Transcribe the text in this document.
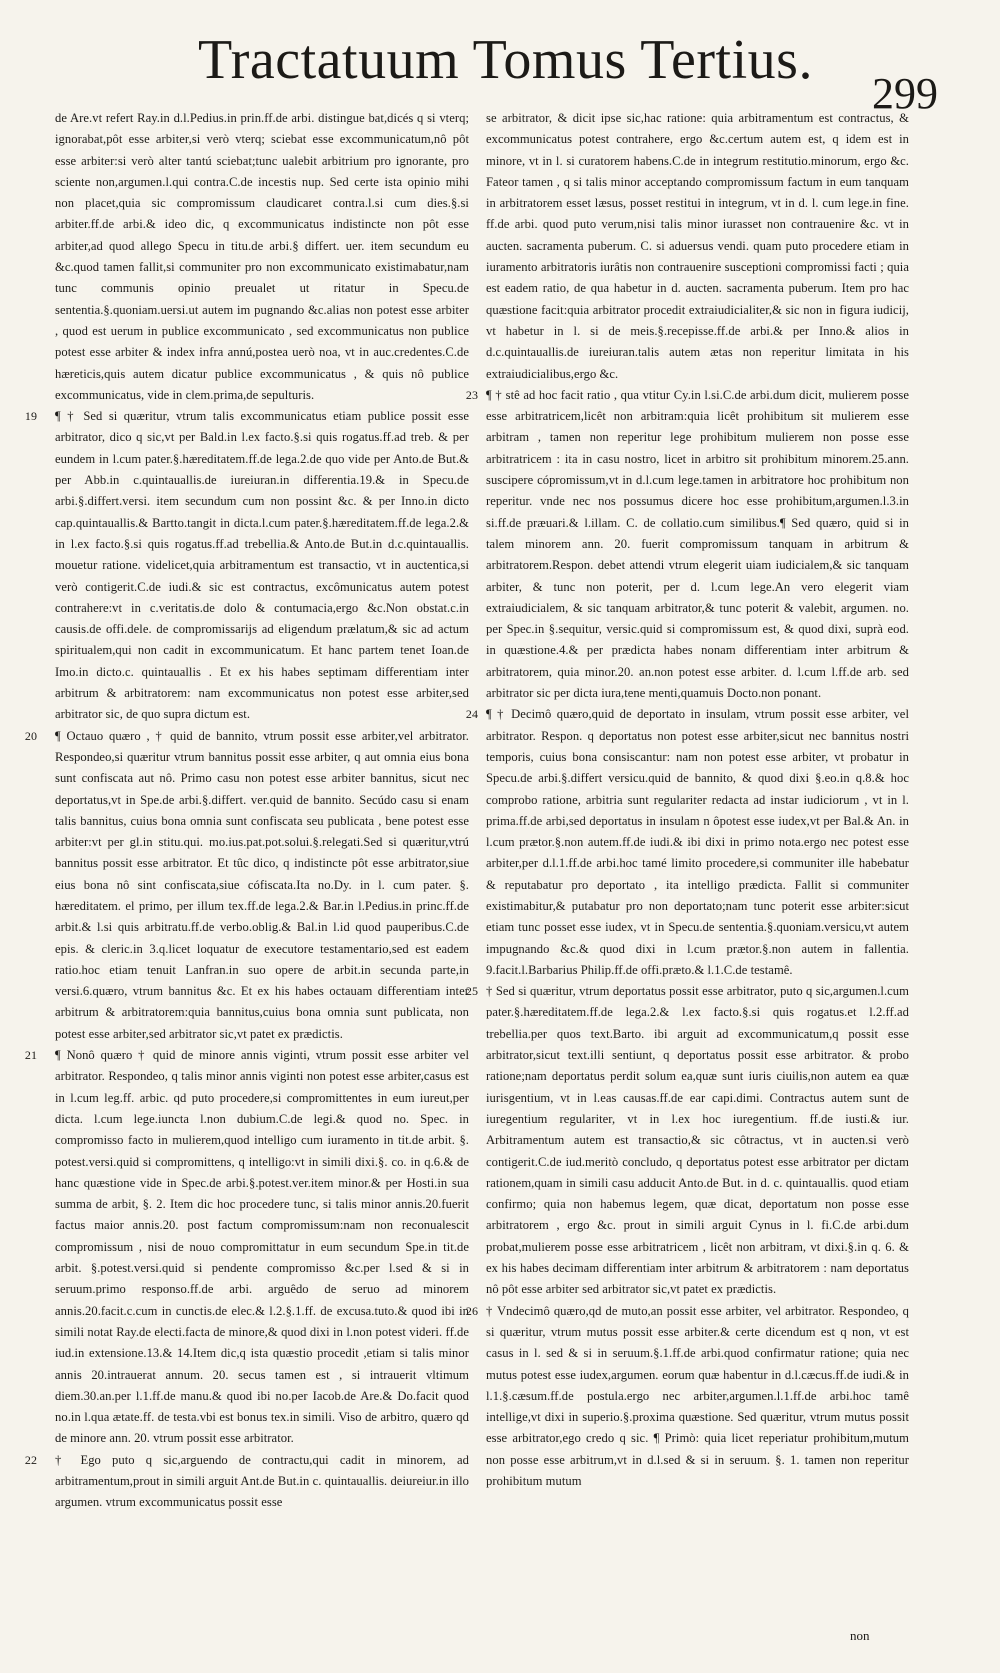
Tractatuum Tomus Tertius.
299

de Are.vt refert Ray.in d.l.Pedius.in prin.ff.de arbi. distingue bat,dicés q si vterq; ignorabat,pôt esse arbiter,si verò vterq; sciebat esse excommunicatum,nô pôt esse arbiter:si verò alter tantú sciebat;tunc ualebit arbitrium pro ignorante, pro sciente non,argumen.l.qui contra.C.de incestis nup. Sed certe ista opinio mihi non placet,quia sic compromissum claudicaret contra.l.si cum dies.§.si arbiter.ff.de arbi.& ideo dic, q excommunicatus indistincte non pôt esse arbiter,ad quod allego Specu in titu.de arbi.§ differt. uer. item secundum eu &c.quod tamen fallit,si communiter pro non excommunicato existimabatur,nam tunc communis opinio preualet ut ritatur in Specu.de sententia.§.quoniam.uersi.ut autem im pugnando &c.alias non potest esse arbiter , quod est uerum in publice excommunicato , sed excommunicatus non publice potest esse arbiter & index infra annú,postea uerò noa, vt in auc.credentes.C.de hæreticis,quis autem dicatur publice excommunicatus , & quis nô publice excommunicatus, vide in clem.prima,de sepulturis.

19 ¶ † Sed si quæritur, vtrum talis excommunicatus etiam publice possit esse arbitrator, dico q sic,vt per Bald.in l.ex facto.§.si quis rogatus.ff.ad treb. & per eundem in l.cum pater.§.hæreditatem.ff.de lega.2.de quo vide per Anto.de But.& per Abb.in c.quintauallis.de iureiuran.in differentia.19.& in Specu.de arbi.§.differt.versi. item secundum cum non possint &c. & per Inno.in dicto cap.quintauallis.& Bartto.tangit in dicta.l.cum pater.§.hæreditatem.ff.de lega.2.& in l.ex facto.§.si quis rogatus.ff.ad trebellia.& Anto.de But.in d.c.quintauallis. mouetur ratione. videlicet,quia arbitramentum est transactio, vt in auctentica,si verò contigerit.C.de iudi.& sic est contractus, excômunicatus autem potest contrahere:vt in c.veritatis.de dolo & contumacia,ergo &c.Non obstat.c.in causis.de offi.dele. de compromissarijs ad eligendum prælatum,& sic ad actum spiritualem,qui non cadit in excommunicatum. Et hanc partem tenet Ioan.de Imo.in dicto.c. quintauallis . Et ex his habes septimam differentiam inter arbitrum & arbitratorem: nam excommunicatus non potest esse arbiter,sed arbitrator sic, de quo supra dictum est.

20 ¶ Octauo quæro , † quid de bannito, vtrum possit esse arbiter,vel arbitrator. Respondeo,si quæritur vtrum bannitus possit esse arbiter, q aut omnia eius bona sunt confiscata aut nô. Primo casu non potest esse arbiter bannitus, sicut nec deportatus,vt in Spe.de arbi.§.differt. ver.quid de bannito. Secúdo casu si enam talis bannitus, cuius bona omnia sunt confiscata seu publicata , bene potest esse arbiter:vt per gl.in stitu.qui. mo.ius.pat.pot.solui.§.relegati.Sed si quæritur,vtrú bannitus possit esse arbitrator. Et tûc dico, q indistincte pôt esse arbitrator,siue eius bona nô sint confiscata,siue cófiscata.Ita no.Dy. in l. cum pater. §. hæreditatem. el primo, per illum tex.ff.de lega.2.& Bar.in l.Pedius.in princ.ff.de arbit.& l.si quis arbitratu.ff.de verbo.oblig.& Bal.in l.id quod pauperibus.C.de epis. & cleric.in 3.q.licet loquatur de executore testamentario,sed est eadem ratio.hoc etiam tenuit Lanfran.in suo opere de arbit.in secunda parte,in versi.6.quæro, vtrum bannitus &c. Et ex his habes octauam differentiam inter arbitrum & arbitratorem:quia bannitus,cuius bona omnia sunt publicata, non potest esse arbiter,sed arbitrator sic,vt patet ex prædictis.

21 ¶ Nonô quæro † quid de minore annis viginti, vtrum possit esse arbiter vel arbitrator. Respondeo, q talis minor annis viginti non potest esse arbiter,casus est in l.cum leg.ff. arbic. qd puto procedere,si compromittentes in eum iureut,per dicta. l.cum lege.iuncta l.non dubium.C.de legi.& quod no. Spec. in compromisso facto in mulierem,quod intelligo cum iuramento in tit.de arbit. §. potest.versi.quid si compromittens, q intelligo:vt in simili dixi.§. co. in q.6.& de hanc quæstione vide in Spec.de arbi.§.potest.ver.item minor.& per Hosti.in sua summa de arbit, §. 2. Item dic hoc procedere tunc, si talis minor annis.20.fuerit factus maior annis.20. post factum compromissum:nam non reconualescit compromissum , nisi de nouo compromittatur in eum secundum Spe.in tit.de arbit. §.potest.versi.quid si pendente compromisso &c.per l.sed & si in seruum.primo responso.ff.de arbi. arguêdo de seruo ad minorem annis.20.facit.c.cum in cunctis.de elec.& l.2.§.1.ff. de excusa.tuto.& quod ibi in simili notat Ray.de electi.facta de minore,& quod dixi in l.non potest videri. ff.de iud.in extensione.13.& 14.Item dic,q ista quæstio procedit ,etiam si talis minor annis 20.intrauerat annum. 20. secus tamen est , si intrauerit vltimum diem.30.an.per l.1.ff.de manu.& quod ibi no.per Iacob.de Are.& Do.facit quod no.in l.qua ætate.ff. de testa.vbi est bonus tex.in simili. Viso de arbitro, quæro qd de minore ann. 20. vtrum possit esse arbitrator.

22 † Ego puto q sic,arguendo de contractu,qui cadit in minorem, ad arbitramentum,prout in simili arguit Ant.de But.in c. quintauallis. deiureiur.in illo argumen. vtrum excommunicatus possit esse

se arbitrator, & dicit ipse sic,hac ratione: quia arbitramentum est contractus, & excommunicatus potest contrahere, ergo &c.certum autem est, q idem est in minore, vt in l. si curatorem habens.C.de in integrum restitutio.minorum, ergo &c. Fateor tamen , q si talis minor acceptando compromissum factum in eum tanquam in arbitratorem esset læsus, posset restitui in integrum, vt in d. l. cum lege.in fine. ff.de arbi. quod puto verum,nisi talis minor iurasset non contrauenire &c. vt in aucten. sacramenta puberum. C. si aduersus vendi. quam puto procedere etiam in iuramento arbitratoris iurâtis non contrauenire susceptioni compromissi facti ; quia est eadem ratio, de qua habetur in d. aucten. sacramenta puberum. Item pro hac quæstione facit:quia arbitrator procedit extraiudicialiter,& sic non in figura iudicij, vt habetur in l. si de meis.§.recepisse.ff.de arbi.& per Inno.& alios in d.c.quintauallis.de iureiuran.talis autem ætas non reperitur limitata in his extraiudicialibus,ergo &c.

23 ¶ † stê ad hoc facit ratio , qua vtitur Cy.in l.si.C.de arbi.dum dicit, mulierem posse esse arbitratricem,licêt non arbitram:quia licêt prohibitum sit mulierem esse arbitram , tamen non reperitur lege prohibitum mulierem non posse esse arbitratricem : ita in casu nostro, licet in arbitro sit prohibitum minorem.25.ann. suscipere cópromissum,vt in d.l.cum lege.tamen in arbitratore hoc prohibitum non reperitur. vnde nec nos possumus dicere hoc esse prohibitum,argumen.l.3.in si.ff.de præuari.& l.illam. C. de collatio.cum similibus.¶ Sed quæro, quid si in talem minorem ann. 20. fuerit compromissum tanquam in arbitrum & arbitratorem.Respon. debet attendi vtrum elegerit uiam iudicialem,& sic tanquam arbiter, & tunc non poterit, per d. l.cum lege.An vero elegerit viam extraiudicialem, & sic tanquam arbitrator,& tunc poterit & valebit, argumen. no. per Spec.in §.sequitur, versic.quid si compromissum est, & quod dixi, suprà eod. in quæstione.4.& per prædicta habes nonam differentiam inter arbitrum & arbitratorem, quia minor.20. an.non potest esse arbiter. d. l.cum l.ff.de arb. sed arbitrator sic per dicta iura,tene menti,quamuis Docto.non ponant.

24 ¶ † Decimô quæro,quid de deportato in insulam, vtrum possit esse arbiter, vel arbitrator. Respon. q deportatus non potest esse arbiter,sicut nec bannitus nostri temporis, cuius bona consiscantur: nam non potest esse arbiter, vt probatur in Specu.de arbi.§.differt versicu.quid de bannito, & quod dixi §.eo.in q.8.& hoc comprobo ratione, arbitria sunt regulariter redacta ad instar iudiciorum , vt in l. prima.ff.de arbi,sed deportatus in insulam n ôpotest esse iudex,vt per Bal.& An. in l.cum prætor.§.non autem.ff.de iudi.& ibi dixi in primo nota.ergo nec potest esse arbiter,per d.l.1.ff.de arbi.hoc tamé limito procedere,si communiter ille habebatur & reputabatur pro deportato , ita intelligo prædicta. Fallit si communiter existimabitur,& putabatur pro non deportato;nam tunc poterit esse arbiter:sicut etiam tunc posset esse iudex, vt in Specu.de sententia.§.quoniam.versicu,vt autem impugnando &c.& quod dixi in l.cum prætor.§.non autem in fallentia. 9.facit.l.Barbarius Philip.ff.de offi.præto.& l.1.C.de testamê.

25 † Sed si quæritur, vtrum deportatus possit esse arbitrator, puto q sic,argumen.l.cum pater.§.hæreditatem.ff.de lega.2.& l.ex facto.§.si quis rogatus.et l.2.ff.ad trebellia.per quos text.Barto. ibi arguit ad excommunicatum,q possit esse arbitrator,sicut text.illi sentiunt, q deportatus possit esse arbitrator. & probo ratione;nam deportatus perdit solum ea,quæ sunt iuris ciuilis,non autem ea quæ iurisgentium, vt in l.eas causas.ff.de ear capi.dimi. Contractus autem sunt de iuregentium regulariter, vt in l.ex hoc iuregentium. ff.de iusti.& iur. Arbitramentum autem est transactio,& sic côtractus, vt in aucten.si verò contigerit.C.de iud.meritò concludo, q deportatus potest esse arbitrator per dictam rationem,quam in simili casu adducit Anto.de But. in d. c. quintauallis. quod etiam confirmo; quia non habemus legem, quæ dicat, deportatum non posse esse arbitratorem , ergo &c. prout in simili arguit Cynus in l. fi.C.de arbi.dum probat,mulierem posse esse arbitratricem , licêt non arbitram, vt dixi.§.in q. 6. & ex his habes decimam differentiam inter arbitrum & arbitratorem : nam deportatus nô pôt esse arbiter sed arbitrator sic,vt patet ex prædictis.

26 † Vndecimô quæro,qd de muto,an possit esse arbiter, vel arbitrator. Respondeo, q si quæritur, vtrum mutus possit esse arbiter.& certe dicendum est q non, vt est casus in l. sed & si in seruum.§.1.ff.de arbi.quod confirmatur ratione; quia nec mutus potest esse iudex,argumen. eorum quæ habentur in d.l.cæcus.ff.de iudi.& in l.1.§.cæsum.ff.de postula.ergo nec arbiter,argumen.l.1.ff.de arbi.hoc tamê intellige,vt dixi in superio.§.proxima quæstione. Sed quæritur, vtrum mutus possit esse arbitrator,ego credo q sic. ¶ Primò: quia licet reperiatur prohibitum,mutum non posse esse arbitrum,vt in d.l.sed & si in seruum. §. 1. tamen non reperitur prohibitum mutum

non
